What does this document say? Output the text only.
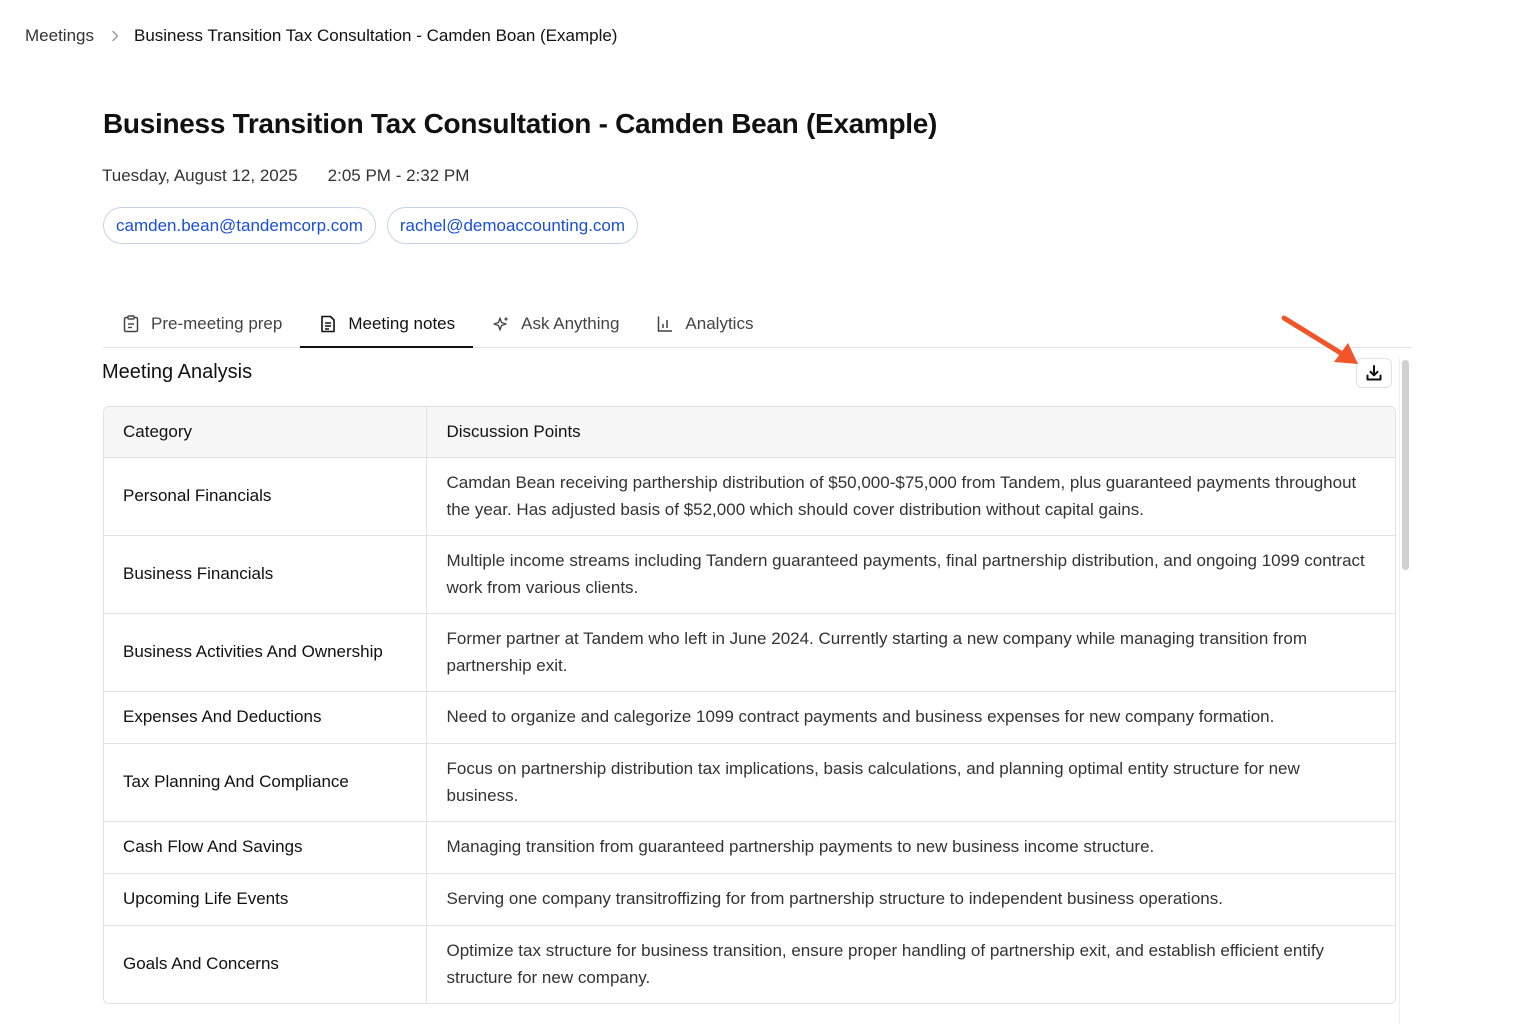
Meetings Business Transition Tax Consultation - Camden Boan (Example)
Business Transition Tax Consultation - Camden Bean (Example)
Tuesday, August 12, 2025 2:05 PM - 2:32 PM
camden.bean@tandemcorp.com	rachel@demoaccounting.com
Pre-meeting prep	Meeting notes	Ask Anything	Analytics
Meeting Analysis
Category	Discussion Points
Personal Financials	Camdan Bean receiving parthership distribution of $50,000-$75,000 from Tandem, plus guaranteed payments throughout the year. Has adjusted basis of $52,000 which should cover distribution without capital gains.
Business Financials	Multiple income streams including Tandern guaranteed payments, final partnership distribution, and ongoing 1099 contract work from various clients.
Business Activities And Ownership	Former partner at Tandem who left in June 2024. Currently starting a new company while managing transition from partnership exit.
Expenses And Deductions	Need to organize and calegorize 1099 contract payments and business expenses for new company formation.
Tax Planning And Compliance	Focus on partnership distribution tax implications, basis calculations, and planning optimal entity structure for new business.
Cash Flow And Savings	Managing transition from guaranteed partnership payments to new business income structure.
Upcoming Life Events	Serving one company transitroffizing for from partnership structure to independent business operations.
Goals And Concerns	Optimize tax structure for business transition, ensure proper handling of partnership exit, and establish efficient entify structure for new company.
